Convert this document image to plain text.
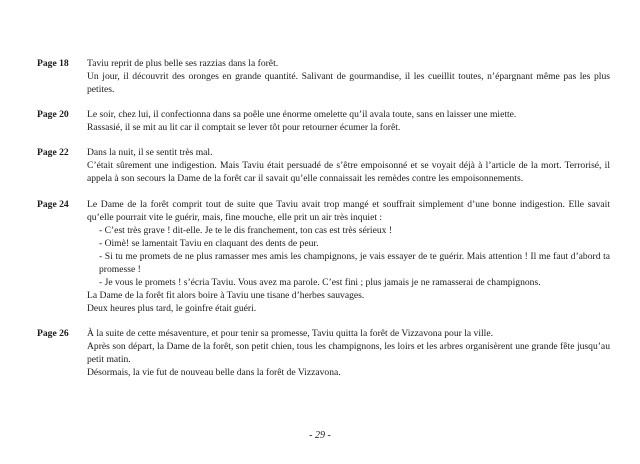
Page 18	Taviu reprit de plus belle ses razzias dans la forêt.

Un jour, il découvrit des oronges en grande quantité. Salivant de gourmandise, il les cueillit toutes, n’épargnant même pas les plus petites.

Page 20	Le soir, chez lui, il confectionna dans sa poêle une énorme omelette qu’il avala toute, sans en laisser une miette.

Rassasié, il se mit au lit car il comptait se lever tôt pour retourner écumer la forêt.

Page 22	Dans la nuit, il se sentit très mal.

C’était sûrement une indigestion. Mais Taviu était persuadé de s’être empoisonné et se voyait déjà à l’article de la mort. Terrorisé, il appela à son secours la Dame de la forêt car il savait qu’elle connaissait les remèdes contre les empoisonnements.

Page 24	Le Dame de la forêt comprit tout de suite que Taviu avait trop mangé et souffrait simplement d’une bonne indigestion. Elle savait qu’elle pourrait vite le guérir, mais, fine mouche, elle prit un air très inquiet :

- C’est très grave ! dit-elle. Je te le dis franchement, ton cas est très sérieux !

- Oimè! se lamentait Taviu en claquant des dents de peur.

- Si tu me promets de ne plus ramasser mes amis les champignons, je vais essayer de te guérir. Mais attention ! Il me faut d’abord ta promesse !

- Je vous le promets ! s’écria Taviu. Vous avez ma parole. C’est fini ; plus jamais je ne ramasserai de champignons.

La Dame de la forêt fit alors boire à Taviu une tisane d’herbes sauvages.

Deux heures plus tard, le goinfre était guéri.

Page 26	À la suite de cette mésaventure, et pour tenir sa promesse, Taviu quitta la forêt de Vizzavona pour la ville.

Après son départ, la Dame de la forêt, son petit chien, tous les champignons, les loirs et les arbres organisèrent une grande fête jusqu’au petit matin.

Désormais, la vie fut de nouveau belle dans la forêt de Vizzavona.

- 29 -
